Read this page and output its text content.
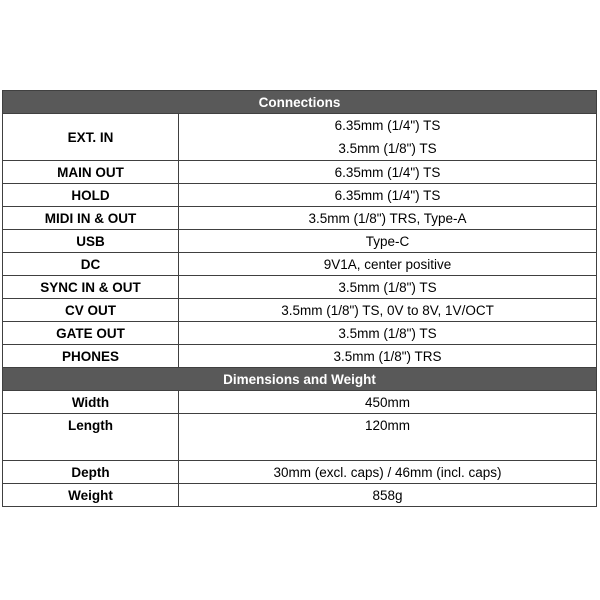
Connections	
EXT. IN	6.35mm (1/4") TS
3.5mm (1/8") TS

MAIN OUT	6.35mm (1/4") TS
HOLD	6.35mm (1/4") TS
MIDI IN & OUT	3.5mm (1/8") TRS, Type-A
USB	Type-C
DC	9V1A, center positive
SYNC IN & OUT	3.5mm (1/8") TS
CV OUT	3.5mm (1/8") TS, 0V to 8V, 1V/OCT
GATE OUT	3.5mm (1/8") TS
PHONES	3.5mm (1/8") TRS
Dimensions and Weight	
Width	450mm

Length	120mm

Depth	30mm (excl. caps) / 46mm (incl. caps)
Weight	858g
